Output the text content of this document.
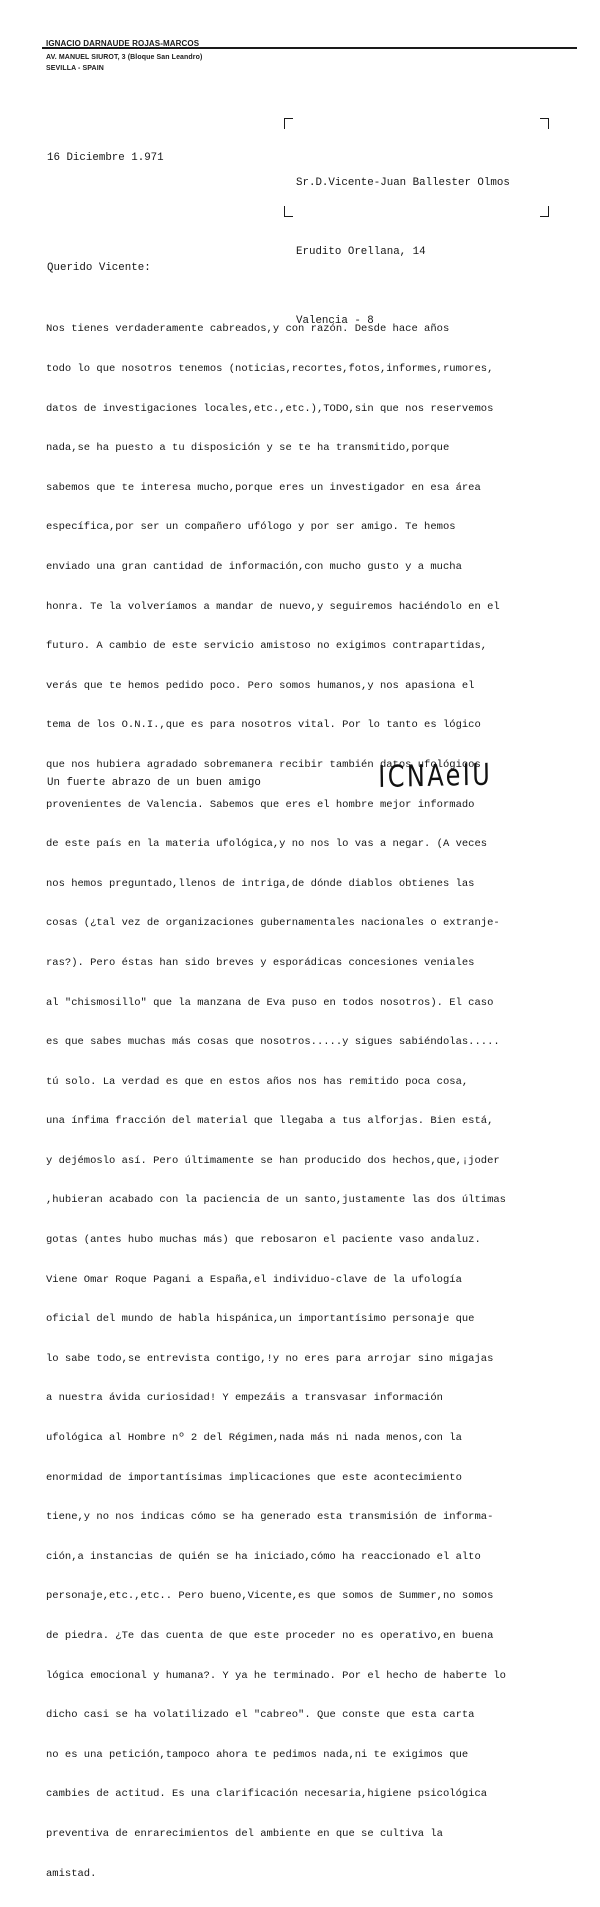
IGNACIO DARNAUDE ROJAS-MARCOS
AV. MANUEL SIUROT, 3 (Bloque San Leandro)
SEVILLA - SPAIN
16 Diciembre 1.971

Sr.D.Vicente-Juan Ballester Olmos

Erudito Orellana, 14

Valencia - 8

Querido Vicente:

Nos tienes verdaderamente cabreados,y con razón. Desde hace años

todo lo que nosotros tenemos (noticias,recortes,fotos,informes,rumores,

datos de investigaciones locales,etc.,etc.),TODO,sin que nos reservemos

nada,se ha puesto a tu disposición y se te ha transmitido,porque

sabemos que te interesa mucho,porque eres un investigador en esa área

específica,por ser un compañero ufólogo y por ser amigo. Te hemos

enviado una gran cantidad de información,con mucho gusto y a mucha

honra. Te la volveríamos a mandar de nuevo,y seguiremos haciéndolo en el

futuro. A cambio de este servicio amistoso no exigimos contrapartidas,

verás que te hemos pedido poco. Pero somos humanos,y nos apasiona el

tema de los O.N.I.,que es para nosotros vital. Por lo tanto es lógico

que nos hubiera agradado sobremanera recibir también datos ufológicos

provenientes de Valencia. Sabemos que eres el hombre mejor informado

de este país en la materia ufológica,y no nos lo vas a negar. (A veces

nos hemos preguntado,llenos de intriga,de dónde diablos obtienes las

cosas (¿tal vez de organizaciones gubernamentales nacionales o extranje-

ras?). Pero éstas han sido breves y esporádicas concesiones veniales

al "chismosillo" que la manzana de Eva puso en todos nosotros). El caso

es que sabes muchas más cosas que nosotros.....y sigues sabiéndolas.....

tú solo. La verdad es que en estos años nos has remitido poca cosa,

una ínfima fracción del material que llegaba a tus alforjas. Bien está,

y dejémoslo así. Pero últimamente se han producido dos hechos,que,¡joder

,hubieran acabado con la paciencia de un santo,justamente las dos últimas

gotas (antes hubo muchas más) que rebosaron el paciente vaso andaluz.

Viene Omar Roque Pagani a España,el individuo-clave de la ufología

oficial del mundo de habla hispánica,un importantísimo personaje que

lo sabe todo,se entrevista contigo,!y no eres para arrojar sino migajas

a nuestra ávida curiosidad! Y empezáis a transvasar información

ufológica al Hombre nº 2 del Régimen,nada más ni nada menos,con la

enormidad de importantísimas implicaciones que este acontecimiento

tiene,y no nos indicas cómo se ha generado esta transmisión de informa-

ción,a instancias de quién se ha iniciado,cómo ha reaccionado el alto

personaje,etc.,etc.. Pero bueno,Vicente,es que somos de Summer,no somos

de piedra. ¿Te das cuenta de que este proceder no es operativo,en buena

lógica emocional y humana?. Y ya he terminado. Por el hecho de haberte lo

dicho casi se ha volatilizado el "cabreo". Que conste que esta carta

no es una petición,tampoco ahora te pedimos nada,ni te exigimos que

cambies de actitud. Es una clarificación necesaria,higiene psicológica

preventiva de enrarecimientos del ambiente en que se cultiva la

amistad.

Un fuerte abrazo de un buen amigo	ICNAeIU
